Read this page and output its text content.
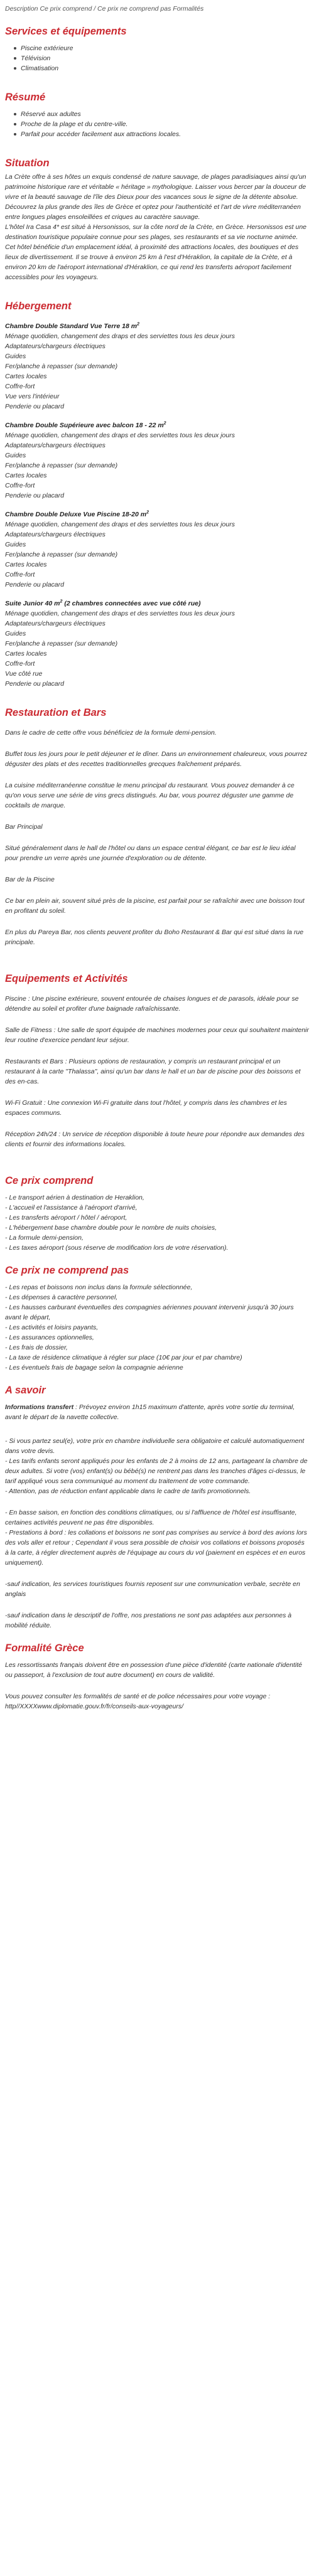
Description Ce prix comprend / Ce prix ne comprend pas Formalités
Services et équipements
Piscine extérieure
Télévision
Climatisation
Résumé
Réservé aux adultes
Proche de la plage et du centre-ville.
Parfait pour accéder facilement aux attractions locales.
Situation

La Crète offre à ses hôtes un exquis condensé de nature sauvage, de plages paradisiaques ainsi qu'un patrimoine historique rare et véritable « héritage » mythologique. Laisser vous bercer par la douceur de vivre et la beauté sauvage de l'île des Dieux pour des vacances sous le signe de la détente absolue. Découvrez la plus grande des îles de Grèce et optez pour l'authenticité et l'art de vivre méditerranéen entre longues plages ensoleillées et criques au caractère sauvage.

L'hôtel Ira Casa 4* est situé à Hersonissos, sur la côte nord de la Crète, en Grèce. Hersonissos est une destination touristique populaire connue pour ses plages, ses restaurants et sa vie nocturne animée. Cet hôtel bénéficie d'un emplacement idéal, à proximité des attractions locales, des boutiques et des lieux de divertissement. Il se trouve à environ 25 km à l'est d'Héraklion, la capitale de la Crète, et à environ 20 km de l'aéroport international d'Héraklion, ce qui rend les transferts aéroport facilement accessibles pour les voyageurs.

Hébergement
Chambre Double Standard Vue Terre 18 $m^2$
Ménage quotidien, changement des draps et des serviettes tous les deux jours
Adaptateurs/chargeurs électriques
Guides
Fer/planche à repasser (sur demande)
Cartes locales
Coffre-fort
Vue vers l'intérieur
Penderie ou placard
Chambre Double Supérieure avec balcon 18 - 22 $m^2$
Ménage quotidien, changement des draps et des serviettes tous les deux jours
Adaptateurs/chargeurs électriques
Guides
Fer/planche à repasser (sur demande)
Cartes locales
Coffre-fort
Penderie ou placard
Chambre Double Deluxe Vue Piscine 18-20 $m^2$
Ménage quotidien, changement des draps et des serviettes tous les deux jours
Adaptateurs/chargeurs électriques
Guides
Fer/planche à repasser (sur demande)
Cartes locales
Coffre-fort
Penderie ou placard
Suite Junior 40 $m^2$ (2 chambres connectées avec vue côté rue)
Ménage quotidien, changement des draps et des serviettes tous les deux jours
Adaptateurs/chargeurs électriques
Guides
Fer/planche à repasser (sur demande)
Cartes locales
Coffre-fort
Vue côté rue
Penderie ou placard
Restauration et Bars

Dans le cadre de cette offre vous bénéficiez de la formule demi-pension.

Buffet tous les jours pour le petit déjeuner et le dîner. Dans un environnement chaleureux, vous pourrez déguster des plats et des recettes traditionnelles grecques fraîchement préparés.

La cuisine méditerranéenne constitue le menu principal du restaurant. Vous pouvez demander à ce qu'on vous serve une série de vins grecs distingués. Au bar, vous pourrez déguster une gamme de cocktails de marque.

Bar Principal

Situé généralement dans le hall de l'hôtel ou dans un espace central élégant, ce bar est le lieu idéal pour prendre un verre après une journée d'exploration ou de détente.

Bar de la Piscine

Ce bar en plein air, souvent situé près de la piscine, est parfait pour se rafraîchir avec une boisson tout en profitant du soleil.

En plus du Pareya Bar, nos clients peuvent profiter du Boho Restaurant & Bar qui est situé dans la rue principale.

Equipements et Activités

Piscine : Une piscine extérieure, souvent entourée de chaises longues et de parasols, idéale pour se détendre au soleil et profiter d'une baignade rafraîchissante.

Salle de Fitness : Une salle de sport équipée de machines modernes pour ceux qui souhaitent maintenir leur routine d'exercice pendant leur séjour.

Restaurants et Bars : Plusieurs options de restauration, y compris un restaurant principal et un restaurant à la carte "Thalassa", ainsi qu'un bar dans le hall et un bar de piscine pour des boissons et des en-cas.

Wi-Fi Gratuit : Une connexion Wi-Fi gratuite dans tout l'hôtel, y compris dans les chambres et les espaces communs.

Réception 24h/24 : Un service de réception disponible à toute heure pour répondre aux demandes des clients et fournir des informations locales.

Ce prix comprend
- Le transport aérien à destination de Heraklion,
- L'accueil et l'assistance à l'aéroport d'arrivé,
- Les transferts aéroport / hôtel / aéroport,
- L'hébergement base chambre double pour le nombre de nuits choisies,
- La formule demi-pension,
- Les taxes aéroport (sous réserve de modification lors de votre réservation).
Ce prix ne comprend pas
- Les repas et boissons non inclus dans la formule sélectionnée,
- Les dépenses à caractère personnel,
- Les hausses carburant éventuelles des compagnies aériennes pouvant intervenir jusqu'à 30 jours avant le départ,
- Les activités et loisirs payants,
- Les assurances optionnelles,
- Les frais de dossier,
- La taxe de résidence climatique à régler sur place (10€ par jour et par chambre)
- Les éventuels frais de bagage selon la compagnie aérienne
A savoir

Informations transfert : Prévoyez environ 1h15 maximum d'attente, après votre sortie du terminal, avant le départ de la navette collective.

- Si vous partez seul(e), votre prix en chambre individuelle sera obligatoire et calculé automatiquement dans votre devis.

- Les tarifs enfants seront appliqués pour les enfants de 2 à moins de 12 ans, partageant la chambre de deux adultes. Si votre (vos) enfant(s) ou bébé(s) ne rentrent pas dans les tranches d'âges ci-dessus, le tarif appliqué vous sera communiqué au moment du traitement de votre commande.

- Attention, pas de réduction enfant applicable dans le cadre de tarifs promotionnels.

- En basse saison, en fonction des conditions climatiques, ou si l'affluence de l'hôtel est insuffisante, certaines activités peuvent ne pas être disponibles.

- Prestations à bord : les collations et boissons ne sont pas comprises au service à bord des avions lors des vols aller et retour ; Cependant il vous sera possible de choisir vos collations et boissons proposés à la carte, à régler directement auprès de l'équipage au cours du vol (paiement en espèces et en euros uniquement).

-sauf indication, les services touristiques fournis reposent sur une communication verbale, secrète en anglais

-sauf indication dans le descriptif de l'offre, nos prestations ne sont pas adaptées aux personnes à mobilité réduite.

Formalité Grèce

Les ressortissants français doivent être en possession d'une pièce d'identité (carte nationale d'identité ou passeport, à l'exclusion de tout autre document) en cours de validité.

Vous pouvez consulter les formalités de santé et de police nécessaires pour votre voyage : http//XXXXwww.diplomatie.gouv.fr/fr/conseils-aux-voyageurs/
